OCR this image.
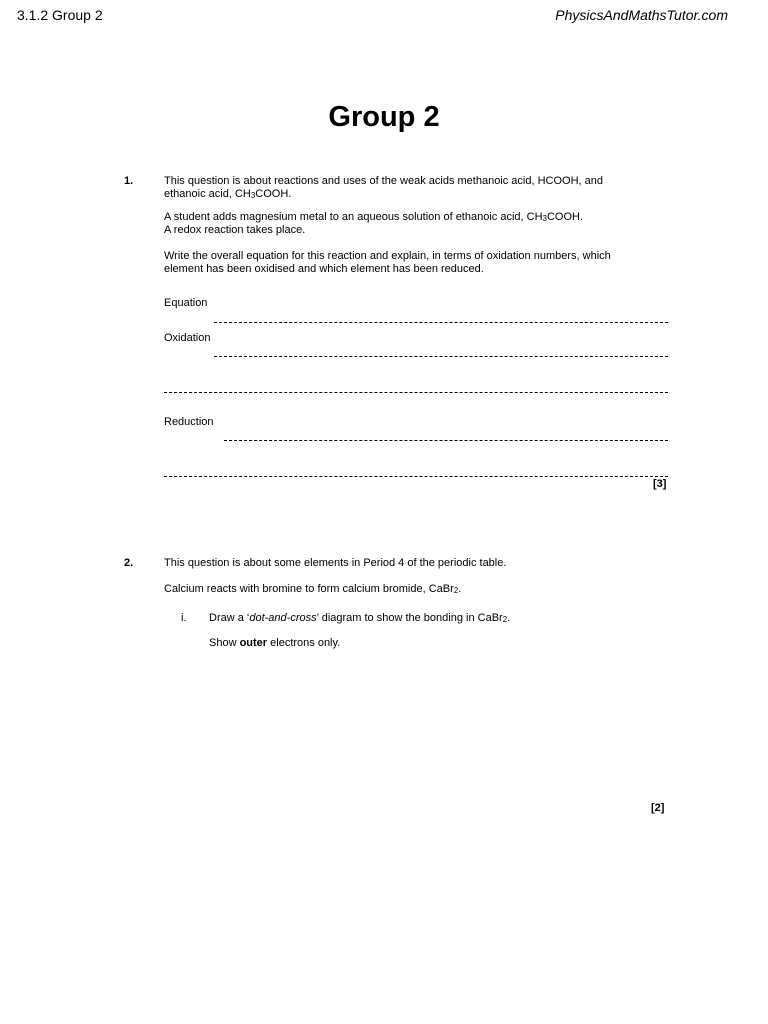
3.1.2 Group 2	PhysicsAndMathsTutor.com
Group 2
1.	This question is about reactions and uses of the weak acids methanoic acid, HCOOH, and
ethanoic acid, $CH_3COOH$.
A student adds magnesium metal to an aqueous solution of ethanoic acid, $CH_3COOH$.
A redox reaction takes place.
Write the overall equation for this reaction and explain, in terms of oxidation numbers, which
element has been oxidised and which element has been reduced.
Equation
Oxidation
Reduction
[3]
2.	This question is about some elements in Period 4 of the periodic table.
Calcium reacts with bromine to form calcium bromide, CaBr$_2$.
i. Draw a ‘dot-and-cross’ diagram to show the bonding in CaBr$_2$.
Show outer electrons only.
[2]
